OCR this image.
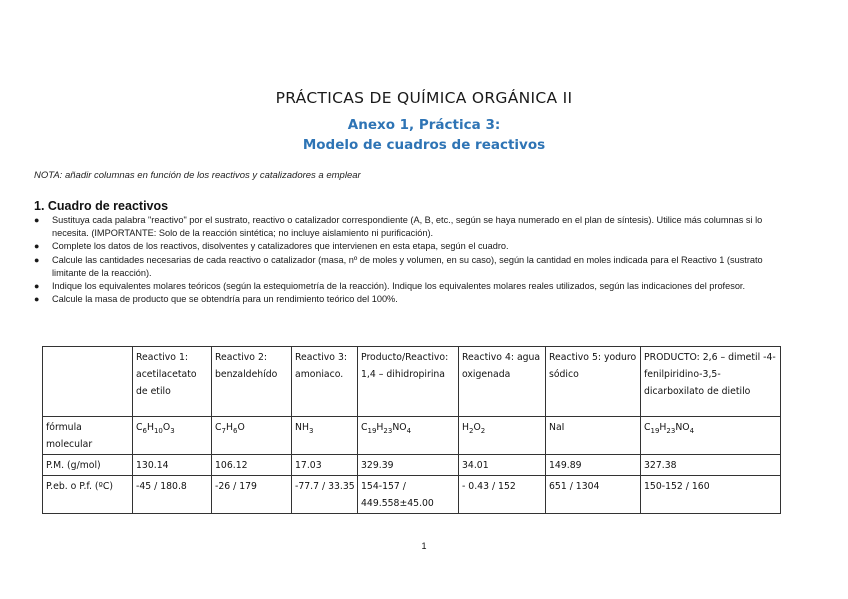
PRÁCTICAS DE QUÍMICA ORGÁNICA II
Anexo 1, Práctica 3:
Modelo de cuadros de reactivos
NOTA: añadir columnas en función de los reactivos y catalizadores a emplear
1. Cuadro de reactivos
● Sustituya cada palabra "reactivo" por el sustrato, reactivo o catalizador correspondiente (A, B, etc., según se haya numerado en el plan de síntesis). Utilice más columnas si lo necesita. (IMPORTANTE: Solo de la reacción sintética; no incluye aislamiento ni purificación).
● Complete los datos de los reactivos, disolventes y catalizadores que intervienen en esta etapa, según el cuadro.
● Calcule las cantidades necesarias de cada reactivo o catalizador (masa, nº de moles y volumen, en su caso), según la cantidad en moles indicada para el Reactivo 1 (sustrato limitante de la reacción).
● Indique los equivalentes molares teóricos (según la estequiometría de la reacción). Indique los equivalentes molares reales utilizados, según las indicaciones del profesor.
● Calcule la masa de producto que se obtendría para un rendimiento teórico del 100%.
	Reactivo 1: acetilacetato de etilo	Reactivo 2: benzaldehído	Reactivo 3: amoniaco.	Producto/Reactivo: 1,4 – dihidropirina	Reactivo 4: agua oxigenada	Reactivo 5: yoduro sódico	PRODUCTO: 2,6 – dimetil -4- fenilpiridino-3,5- dicarboxilato de dietilo
fórmula molecular	$C_6H_{10}O_3$	$C_7H_6O$	$NH_3$	$C_{19}H_{23}NO_4$	$H_2O_2$	NaI	$C_{19}H_{23}NO_4$
P.M. (g/mol)	130.14	106.12	17.03	329.39	34.01	149.89	327.38
P.eb. o P.f. (ºC)	-45 / 180.8	-26 / 179	-77.7 / 33.35	154-157 / 449.558±45.00	- 0.43 / 152	651 / 1304	150-152 / 160
1
